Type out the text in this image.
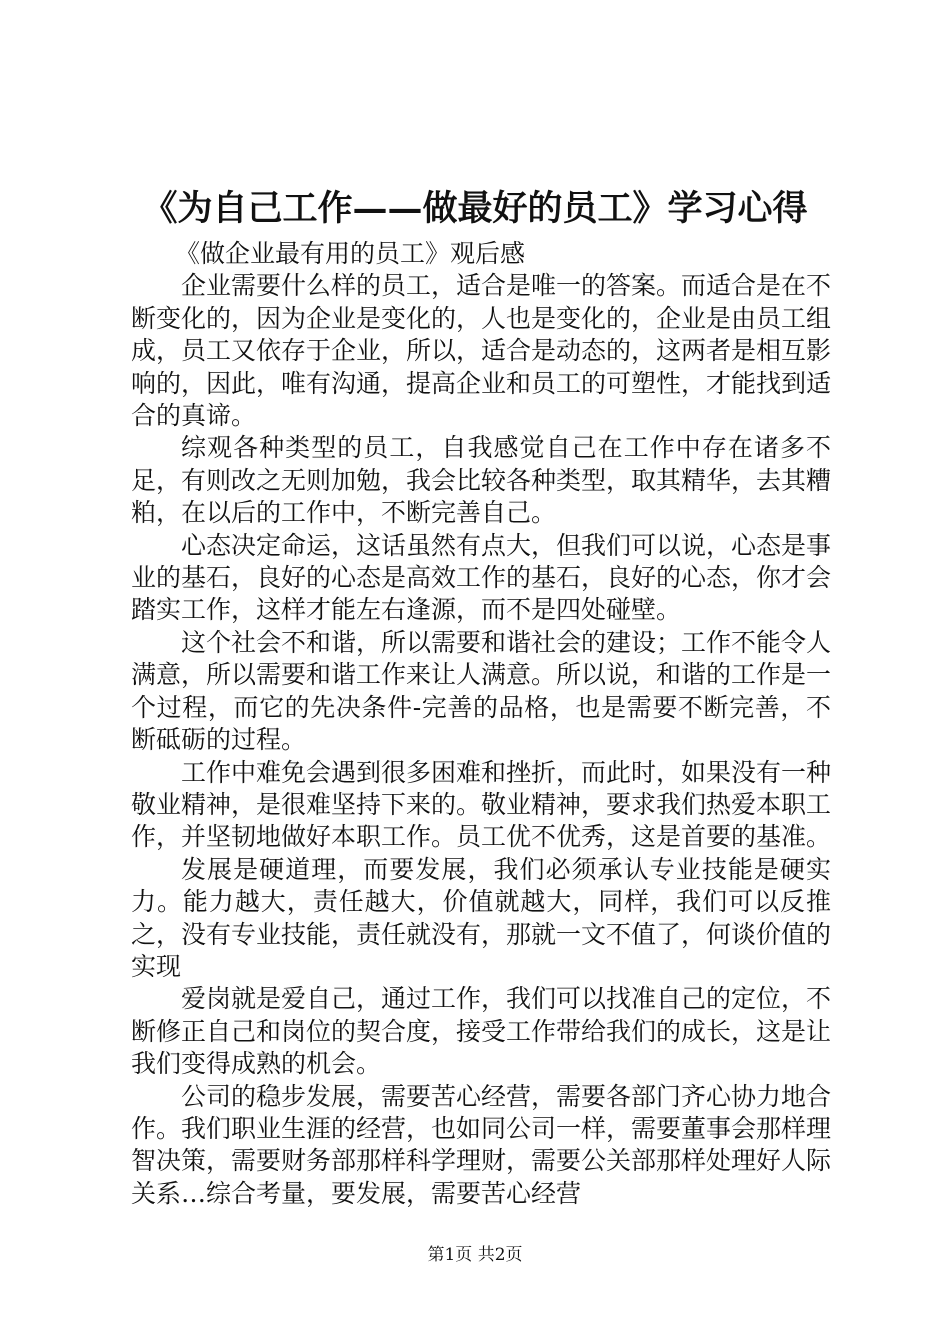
《为自己工作——做最好的员工》学习心得

《做企业最有用的员工》观后感

企业需要什么样的员工，适合是唯一的答案。而适合是在不断变化的，因为企业是变化的，人也是变化的，企业是由员工组成，员工又依存于企业，所以，适合是动态的，这两者是相互影响的，因此，唯有沟通，提高企业和员工的可塑性，才能找到适合的真谛。

综观各种类型的员工，自我感觉自己在工作中存在诸多不足，有则改之无则加勉，我会比较各种类型，取其精华，去其糟粕，在以后的工作中，不断完善自己。

心态决定命运，这话虽然有点大，但我们可以说，心态是事业的基石，良好的心态是高效工作的基石，良好的心态，你才会踏实工作，这样才能左右逢源，而不是四处碰壁。

这个社会不和谐，所以需要和谐社会的建设；工作不能令人满意，所以需要和谐工作来让人满意。所以说，和谐的工作是一个过程，而它的先决条件-完善的品格，也是需要不断完善，不断砥砺的过程。

工作中难免会遇到很多困难和挫折，而此时，如果没有一种敬业精神，是很难坚持下来的。敬业精神，要求我们热爱本职工作，并坚韧地做好本职工作。员工优不优秀，这是首要的基准。

发展是硬道理，而要发展，我们必须承认专业技能是硬实力。能力越大，责任越大，价值就越大，同样，我们可以反推之，没有专业技能，责任就没有，那就一文不值了，何谈价值的实现

爱岗就是爱自己，通过工作，我们可以找准自己的定位，不断修正自己和岗位的契合度，接受工作带给我们的成长，这是让我们变得成熟的机会。

公司的稳步发展，需要苦心经营，需要各部门齐心协力地合作。我们职业生涯的经营，也如同公司一样，需要董事会那样理智决策，需要财务部那样科学理财，需要公关部那样处理好人际关系…综合考量，要发展，需要苦心经营

第1页 共2页
